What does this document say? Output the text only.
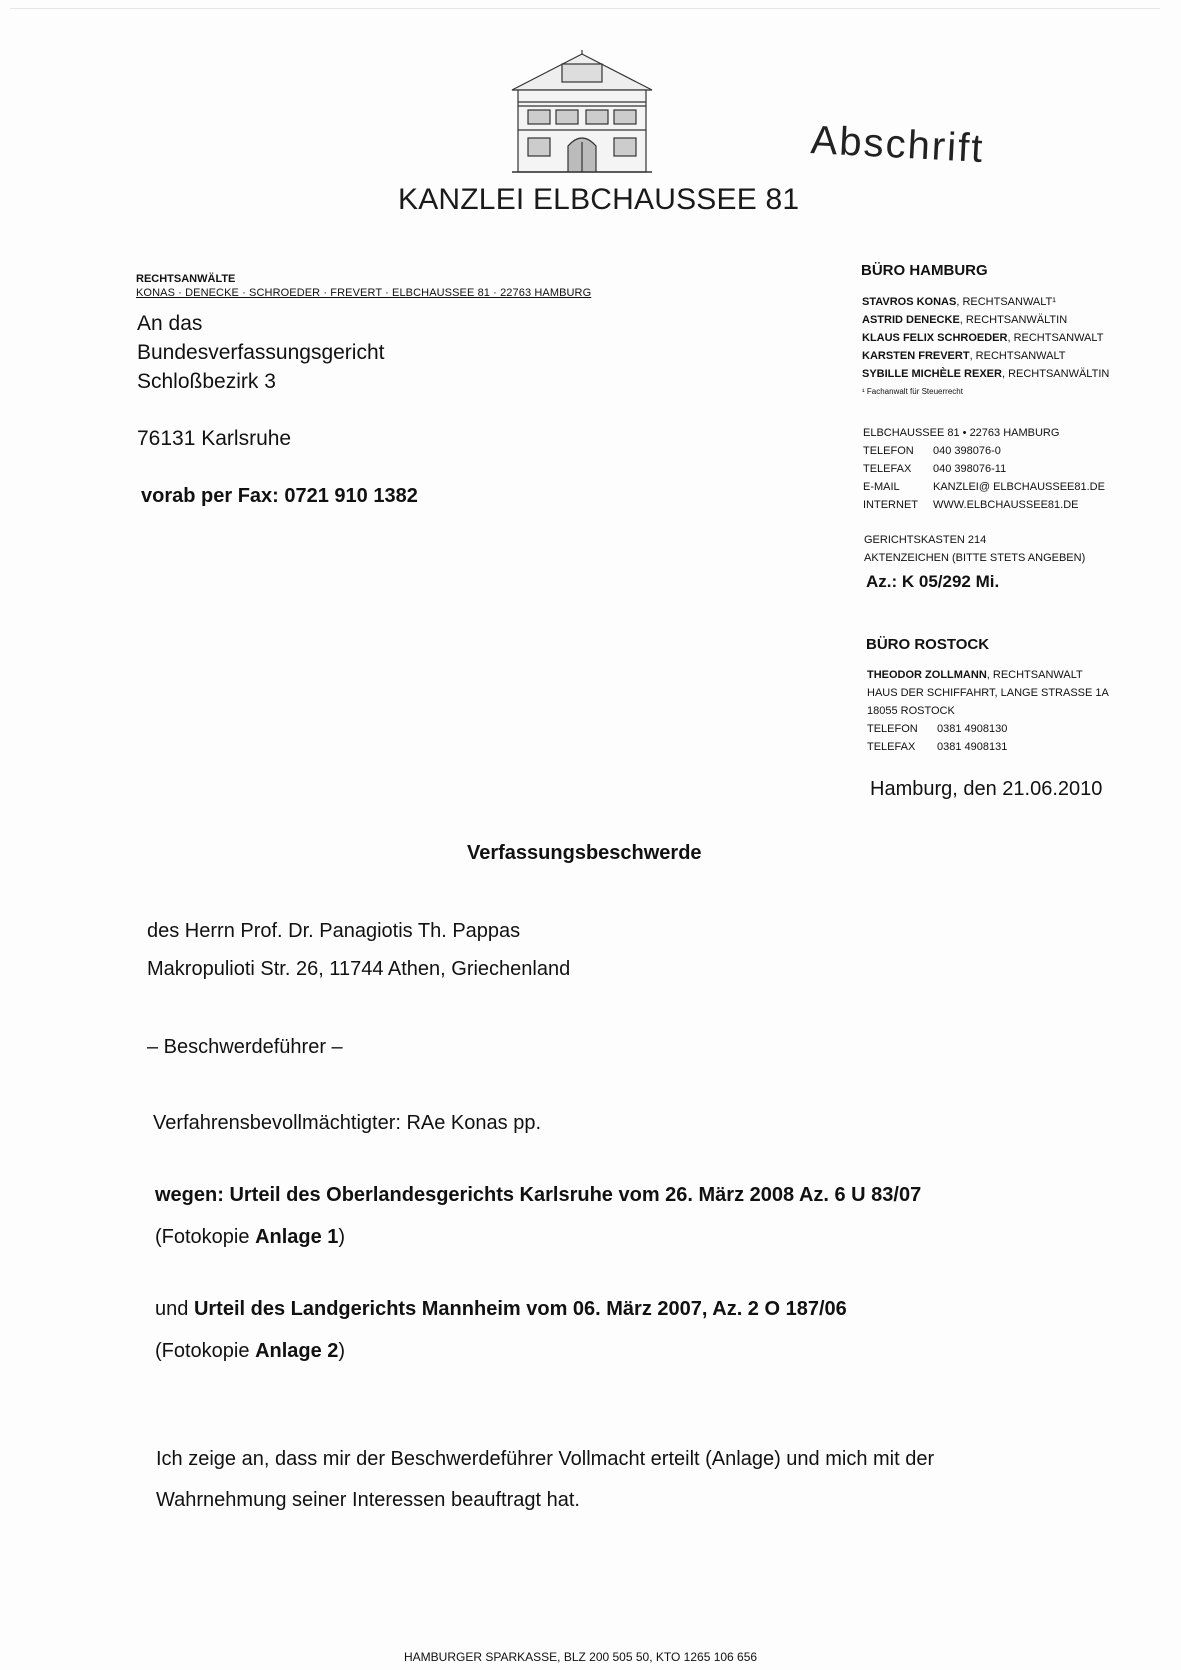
KANZLEI ELBCHAUSSEE 81
Abschrift
RECHTSANWÄLTE
KONAS · DENECKE · SCHROEDER · FREVERT · ELBCHAUSSEE 81 · 22763 HAMBURG
An das
Bundesverfassungsgericht
Schloßbezirk 3
76131 Karlsruhe
vorab per Fax: 0721 910 1382
BÜRO HAMBURG
STAVROS KONAS, RECHTSANWALT¹
ASTRID DENECKE, RECHTSANWÄLTIN
KLAUS FELIX SCHROEDER, RECHTSANWALT
KARSTEN FREVERT, RECHTSANWALT
SYBILLE MICHÈLE REXER, RECHTSANWÄLTIN
¹ Fachanwalt für Steuerrecht
ELBCHAUSSEE 81 • 22763 HAMBURG
TELEFON 040 398076-0
TELEFAX 040 398076-11
E-MAIL	KANZLEI@ ELBCHAUSSEE81.DE
INTERNET WWW.ELBCHAUSSEE81.DE
GERICHTSKASTEN 214
AKTENZEICHEN (BITTE STETS ANGEBEN)
Az.: K 05/292 Mi.
BÜRO ROSTOCK
THEODOR ZOLLMANN, RECHTSANWALT
HAUS DER SCHIFFAHRT, LANGE STRASSE 1A
18055 ROSTOCK
TELEFON 0381 4908130
TELEFAX 0381 4908131
Hamburg, den 21.06.2010
Verfassungsbeschwerde
des Herrn Prof. Dr. Panagiotis Th. Pappas
Makropulioti Str. 26, 11744 Athen, Griechenland
– Beschwerdeführer –
Verfahrensbevollmächtigter: RAe Konas pp.
wegen: Urteil des Oberlandesgerichts Karlsruhe vom 26. März 2008 Az. 6 U 83/07
(Fotokopie Anlage 1)
und Urteil des Landgerichts Mannheim vom 06. März 2007, Az. 2 O 187/06
(Fotokopie Anlage 2)
Ich zeige an, dass mir der Beschwerdeführer Vollmacht erteilt (Anlage) und mich mit der
Wahrnehmung seiner Interessen beauftragt hat.
HAMBURGER SPARKASSE, BLZ 200 505 50, KTO 1265 106 656
